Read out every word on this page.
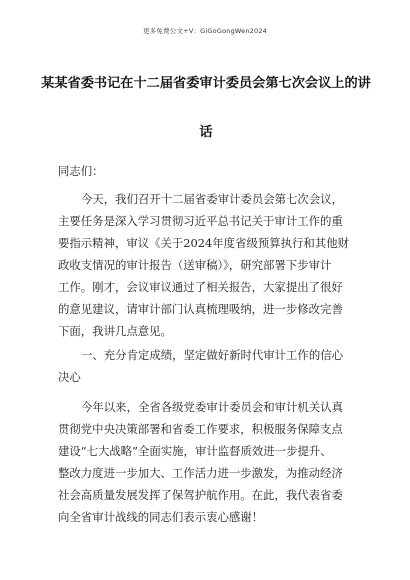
更多免费公文+V：GiGoGongWen2024
某某省委书记在十二届省委审计委员会第七次会议上的讲
话
同志们：
今天，我们召开十二届省委审计委员会第七次会议，
主要任务是深入学习贯彻习近平总书记关于审计工作的重
要指示精神，审议《关于2024年度省级预算执行和其他财
政收支情况的审计报告（送审稿）》，研究部署下步审计
工作。刚才，会议审议通过了相关报告，大家提出了很好
的意见建议，请审计部门认真梳理吸纳，进一步修改完善
下面，我讲几点意见。
一、充分肯定成绩，坚定做好新时代审计工作的信心
决心
今年以来，全省各级党委审计委员会和审计机关认真
贯彻党中央决策部署和省委工作要求，积极服务保障支点
建设“七大战略”全面实施，审计监督质效进一步提升、
整改力度进一步加大、工作活力进一步激发，为推动经济
社会高质量发展发挥了保驾护航作用。在此，我代表省委
向全省审计战线的同志们表示衷心感谢！
